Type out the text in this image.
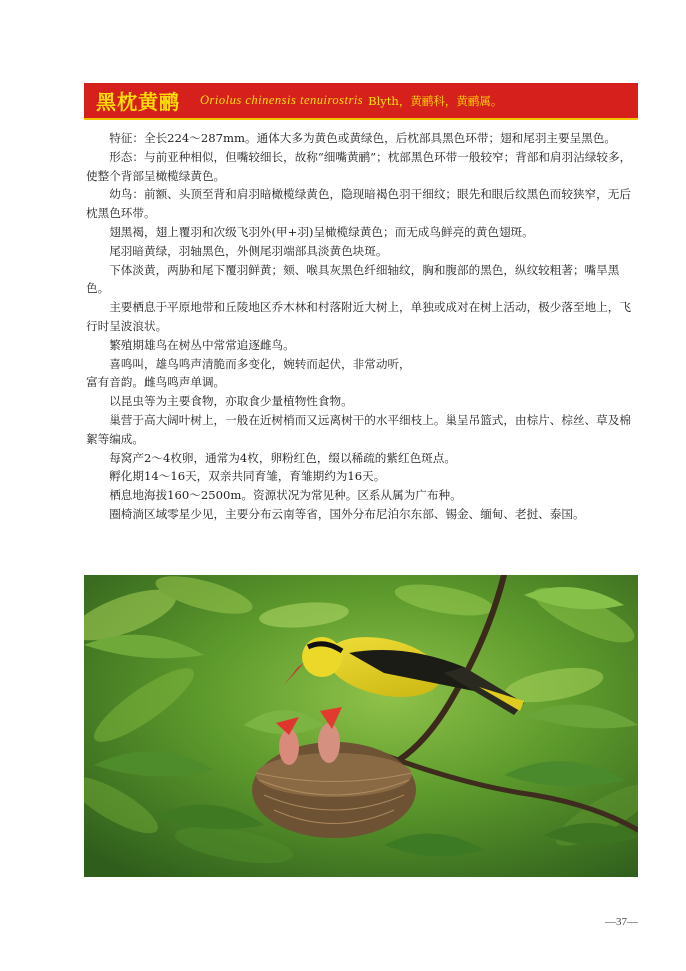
黑枕黄鹂 Oriolus chinensis tenuirostris Blyth，黄鹂科，黄鹂属。

特征：全长224～287mm。通体大多为黄色或黄绿色，后枕部具黑色环带；翅和尾羽主要呈黑色。

形态：与前亚种相似，但嘴较细长，故称“细嘴黄鹂”；枕部黑色环带一般较窄；背部和肩羽沾绿较多，使整个背部呈橄榄绿黄色。

幼鸟：前额、头顶至背和肩羽暗橄榄绿黄色，隐现暗褐色羽干细纹；眼先和眼后纹黑色而较狭窄，无后枕黑色环带。

翅黑褐，翅上覆羽和次级飞羽外(甲+羽)呈橄榄绿黄色；而无成鸟鲜亮的黄色翅斑。

尾羽暗黄绿，羽轴黑色，外侧尾羽端部具淡黄色块斑。

下体淡黄，两胁和尾下覆羽鲜黄；颏、喉具灰黑色纤细轴纹，胸和腹部的黑色，纵纹较粗著；嘴旱黑色。

主要栖息于平原地带和丘陵地区乔木林和村落附近大树上，单独或成对在树上活动，极少落至地上，飞行时呈波浪状。

繁殖期雄鸟在树丛中常常追逐雌鸟。

喜鸣叫，雄鸟鸣声清脆而多变化，婉转而起伏，非常动听，

富有音韵。雌鸟鸣声单调。

以昆虫等为主要食物，亦取食少量植物性食物。

巢营于高大阔叶树上，一般在近树梢而又远离树干的水平细枝上。巢呈吊篮式，由棕片、棕丝、草及棉絮等编成。

每窝产2～4枚卵，通常为4枚，卵粉红色，缀以稀疏的紫红色斑点。

孵化期14～16天，双亲共同育雏，育雏期约为16天。

栖息地海拔160～2500m。资源状况为常见种。区系从属为广布种。

圈椅淌区域零星少见，主要分布云南等省，国外分布尼泊尔东部、锡金、缅甸、老挝、泰国。

—37—
